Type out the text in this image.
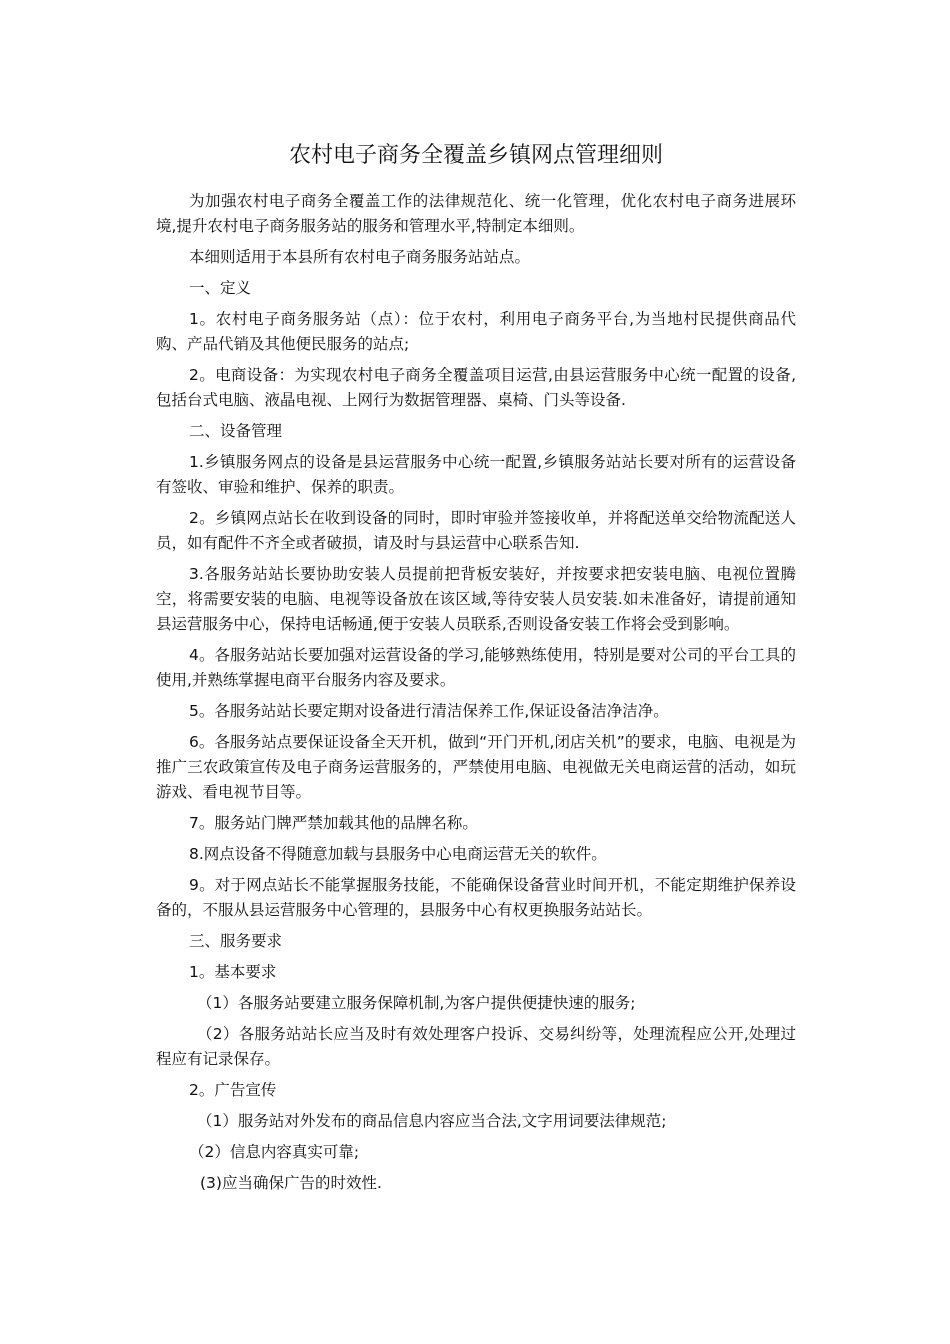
农村电子商务全覆盖乡镇网点管理细则

为加强农村电子商务全覆盖工作的法律规范化、统一化管理，优化农村电子商务进展环境,提升农村电子商务服务站的服务和管理水平,特制定本细则。

本细则适用于本县所有农村电子商务服务站站点。

一、定义

1。农村电子商务服务站（点）：位于农村，利用电子商务平台,为当地村民提供商品代购、产品代销及其他便民服务的站点;

2。电商设备：为实现农村电子商务全覆盖项目运营,由县运营服务中心统一配置的设备,包括台式电脑、液晶电视、上网行为数据管理器、桌椅、门头等设备.

二、设备管理

1.乡镇服务网点的设备是县运营服务中心统一配置,乡镇服务站站长要对所有的运营设备有签收、审验和维护、保养的职责。

2。乡镇网点站长在收到设备的同时，即时审验并签接收单，并将配送单交给物流配送人员，如有配件不齐全或者破损，请及时与县运营中心联系告知.

3.各服务站站长要协助安装人员提前把背板安装好，并按要求把安装电脑、电视位置腾空，将需要安装的电脑、电视等设备放在该区域,等待安装人员安装.如未准备好，请提前通知县运营服务中心，保持电话畅通,便于安装人员联系,否则设备安装工作将会受到影响。

4。各服务站站长要加强对运营设备的学习,能够熟练使用，特别是要对公司的平台工具的使用,并熟练掌握电商平台服务内容及要求。

5。各服务站站长要定期对设备进行清洁保养工作,保证设备洁净洁净。

6。各服务站点要保证设备全天开机，做到“开门开机,闭店关机”的要求，电脑、电视是为推广三农政策宣传及电子商务运营服务的，严禁使用电脑、电视做无关电商运营的活动，如玩游戏、看电视节目等。

7。服务站门牌严禁加载其他的品牌名称。

8.网点设备不得随意加载与县服务中心电商运营无关的软件。

9。对于网点站长不能掌握服务技能，不能确保设备营业时间开机，不能定期维护保养设备的，不服从县运营服务中心管理的，县服务中心有权更换服务站站长。

三、服务要求

1。基本要求

（1）各服务站要建立服务保障机制,为客户提供便捷快速的服务;

（2）各服务站站长应当及时有效处理客户投诉、交易纠纷等，处理流程应公开,处理过程应有记录保存。

2。广告宣传

（1）服务站对外发布的商品信息内容应当合法,文字用词要法律规范;

（2）信息内容真实可靠;

(3)应当确保广告的时效性.
